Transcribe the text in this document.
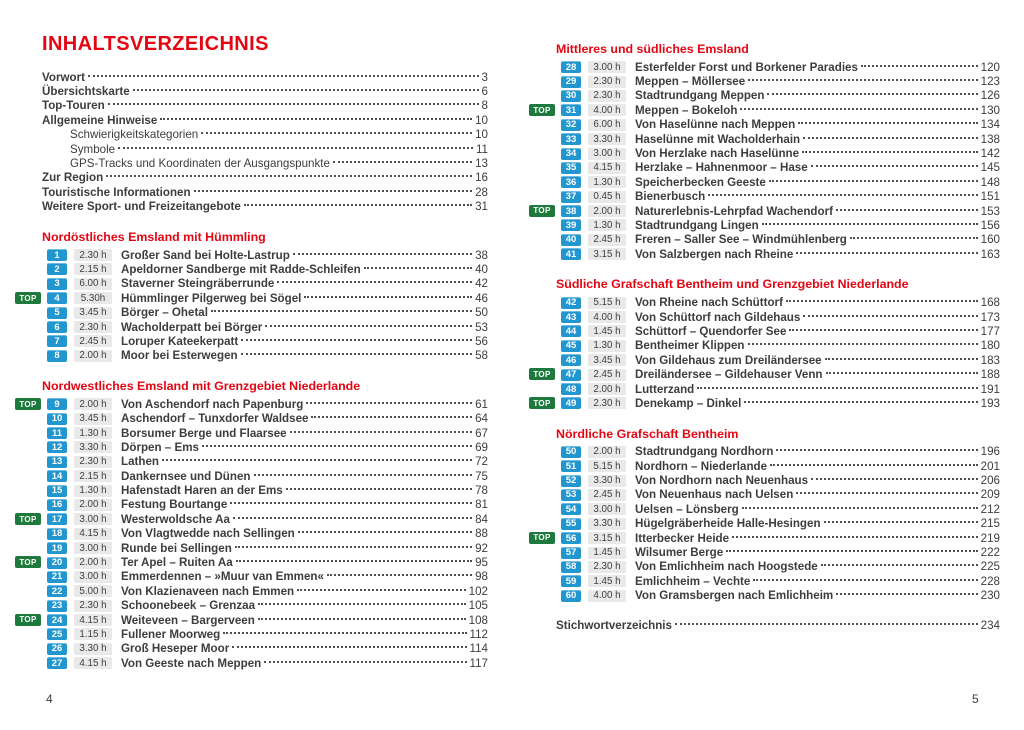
INHALTSVERZEICHNIS
Vorwort	3
Übersichtskarte	6
Top-Touren	8
Allgemeine Hinweise	10
Schwierigkeitskategorien	10
Symbole	11
GPS-Tracks und Koordinaten der Ausgangspunkte	13
Zur Region	16
Touristische Informationen	28
Weitere Sport- und Freizeitangebote	31
Nordöstliches Emsland mit Hümmling
1	2.30 h	Großer Sand bei Holte-Lastrup	38
2	2.15 h	Apeldorner Sandberge mit Radde-Schleifen	40
3	6.00 h	Staverner Steingräberrunde	42
TOP	4	5.30h	Hümmlinger Pilgerweg bei Sögel	46
5	3.45 h	Börger – Ohetal	50
6	2.30 h	Wacholderpatt bei Börger	53
7	2.45 h	Loruper Kateekerpatt	56
8	2.00 h	Moor bei Esterwegen	58
Nordwestliches Emsland mit Grenzgebiet Niederlande
TOP	9	2.00 h	Von Aschendorf nach Papenburg	61
10	3.45 h	Aschendorf – Tunxdorfer Waldsee	64
11	1.30 h	Borsumer Berge und Flaarsee	67
12	3.30 h	Dörpen – Ems	69
13	2.30 h	Lathen	72
14	2.15 h	Dankernsee und Dünen	75
15	1.30 h	Hafenstadt Haren an der Ems	78
16	2.00 h	Festung Bourtange	81
TOP	17	3.00 h	Westerwoldsche Aa	84
18	4.15 h	Von Vlagtwedde nach Sellingen	88
19	3.00 h	Runde bei Sellingen	92
TOP	20	2.00 h	Ter Apel – Ruiten Aa	95
21	3.00 h	Emmerdennen – »Muur van Emmen«	98
22	5.00 h	Von Klazienaveen nach Emmen	102
23	2.30 h	Schoonebeek – Grenzaa	105
TOP	24	4.15 h	Weiteveen – Bargerveen	108
25	1.15 h	Fullener Moorweg	112
26	3.30 h	Groß Heseper Moor	114
27	4.15 h	Von Geeste nach Meppen	117
Mittleres und südliches Emsland
28	3.00 h	Esterfelder Forst und Borkener Paradies	120
29	2.30 h	Meppen – Möllersee	123
30	2.30 h	Stadtrundgang Meppen	126
TOP	31	4.00 h	Meppen – Bokeloh	130
32	6.00 h	Von Haselünne nach Meppen	134
33	3.30 h	Haselünne mit Wacholderhain	138
34	3.00 h	Von Herzlake nach Haselünne	142
35	4.15 h	Herzlake – Hahnenmoor – Hase	145
36	1.30 h	Speicherbecken Geeste	148
37	0.45 h	Bienerbusch	151
TOP	38	2.00 h	Naturerlebnis-Lehrpfad Wachendorf	153
39	1.30 h	Stadtrundgang Lingen	156
40	2.45 h	Freren – Saller See – Windmühlenberg	160
41	3.15 h	Von Salzbergen nach Rheine	163
Südliche Grafschaft Bentheim und Grenzgebiet Niederlande
42	5.15 h	Von Rheine nach Schüttorf	168
43	4.00 h	Von Schüttorf nach Gildehaus	173
44	1.45 h	Schüttorf – Quendorfer See	177
45	1.30 h	Bentheimer Klippen	180
46	3.45 h	Von Gildehaus zum Dreiländersee	183
TOP	47	2.45 h	Dreiländersee – Gildehauser Venn	188
48	2.00 h	Lutterzand	191
TOP	49	2.30 h	Denekamp – Dinkel	193
Nördliche Grafschaft Bentheim
50	2.00 h	Stadtrundgang Nordhorn	196
51	5.15 h	Nordhorn – Niederlande	201
52	3.30 h	Von Nordhorn nach Neuenhaus	206
53	2.45 h	Von Neuenhaus nach Uelsen	209
54	3.00 h	Uelsen – Lönsberg	212
55	3.30 h	Hügelgräberheide Halle-Hesingen	215
TOP	56	3.15 h	Itterbecker Heide	219
57	1.45 h	Wilsumer Berge	222
58	2.30 h	Von Emlichheim nach Hoogstede	225
59	1.45 h	Emlichheim – Vechte	228
60	4.00 h	Von Gramsbergen nach Emlichheim	230
Stichwortverzeichnis	234
4	5
